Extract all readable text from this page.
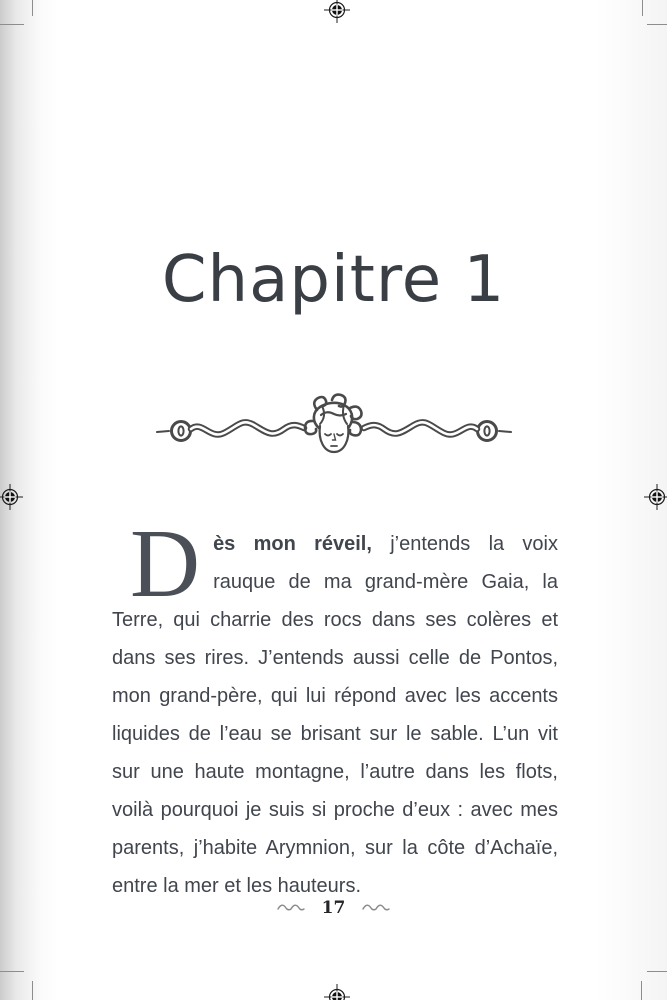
Chapitre 1

Dès mon réveil, j’entends la voix rauque de ma grand-mère Gaia, la Terre, qui charrie des rocs dans ses colères et dans ses rires. J’entends aussi celle de Pontos, mon grand-père, qui lui répond avec les accents liquides de l’eau se brisant sur le sable. L’un vit sur une haute montagne, l’autre dans les flots, voilà pourquoi je suis si proche d’eux : avec mes parents, j’habite Arymnion, sur la côte d’Achaïe, entre la mer et les hauteurs.

17
